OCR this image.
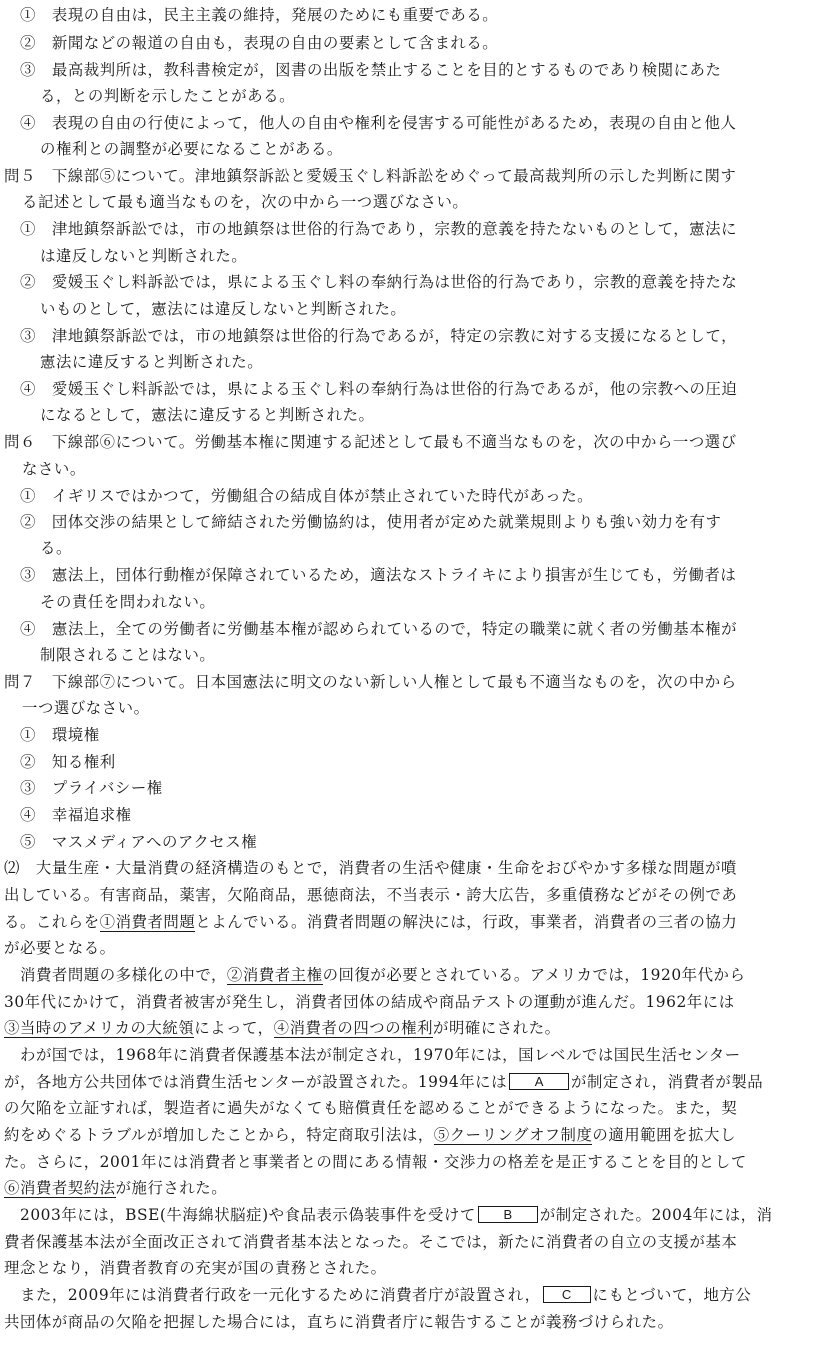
①　 表現の自由は，民主主義の維持，発展のためにも重要である。
②　 新聞などの報道の自由も，表現の自由の要素として含まれる。
③　 最高裁判所は，教科書検定が，図書の出版を禁止することを目的とするものであり検閲にあた
る，との判断を示したことがある。
④　 表現の自由の行使によって，他人の自由や権利を侵害する可能性があるため，表現の自由と他人
の権利との調整が必要になることがある。
問５　 下線部⑤について。津地鎮祭訴訟と愛媛玉ぐし料訴訟をめぐって最高裁判所の示した判断に関す
る記述として最も適当なものを，次の中から一つ選びなさい。
①　 津地鎮祭訴訟では，市の地鎮祭は世俗的行為であり，宗教的意義を持たないものとして，憲法に
は違反しないと判断された。
②　 愛媛玉ぐし料訴訟では，県による玉ぐし料の奉納行為は世俗的行為であり，宗教的意義を持たな
いものとして，憲法には違反しないと判断された。
③　 津地鎮祭訴訟では，市の地鎮祭は世俗的行為であるが，特定の宗教に対する支援になるとして，
憲法に違反すると判断された。
④　 愛媛玉ぐし料訴訟では，県による玉ぐし料の奉納行為は世俗的行為であるが，他の宗教への圧迫
になるとして，憲法に違反すると判断された。
問６　 下線部⑥について。労働基本権に関連する記述として最も不適当なものを，次の中から一つ選び
なさい。
①　 イギリスではかつて，労働組合の結成自体が禁止されていた時代があった。
②　 団体交渉の結果として締結された労働協約は，使用者が定めた就業規則よりも強い効力を有す
る。
③　 憲法上，団体行動権が保障されているため，適法なストライキにより損害が生じても，労働者は
その責任を問われない。
④　 憲法上，全ての労働者に労働基本権が認められているので，特定の職業に就く者の労働基本権が
制限されることはない。
問７　 下線部⑦について。日本国憲法に明文のない新しい人権として最も不適当なものを，次の中から
一つ選びなさい。
①　 環境権
②　 知る権利
③　 プライバシー権
④　 幸福追求権
⑤　 マスメディアへのアクセス権
⑵　 大量生産・大量消費の経済構造のもとで，消費者の生活や健康・生命をおびやかす多様な問題が噴
出している。有害商品，薬害，欠陥商品，悪徳商法，不当表示・誇大広告，多重債務などがその例であ
る。これらを①消費者問題とよんでいる。消費者問題の解決には，行政，事業者，消費者の三者の協力
が必要となる。
消費者問題の多様化の中で，②消費者主権の回復が必要とされている。アメリカでは，1920年代から
30年代にかけて，消費者被害が発生し，消費者団体の結成や商品テストの運動が進んだ。1962年には
③当時のアメリカの大統領によって，④消費者の四つの権利が明確にされた。
わが国では，1968年に消費者保護基本法が制定され，1970年には，国レベルでは国民生活センター
が，各地方公共団体では消費生活センターが設置された。1994年には A が制定され，消費者が製品
の欠陥を立証すれば，製造者に過失がなくても賠償責任を認めることができるようになった。また，契
約をめぐるトラブルが増加したことから，特定商取引法は，⑤クーリングオフ制度の適用範囲を拡大し
た。さらに，2001年には消費者と事業者との間にある情報・交渉力の格差を是正することを目的として
⑥消費者契約法が施行された。
2003年には，BSE(牛海綿状脳症)や食品表示偽装事件を受けて B が制定された。2004年には，消
費者保護基本法が全面改正されて消費者基本法となった。そこでは，新たに消費者の自立の支援が基本
理念となり，消費者教育の充実が国の責務とされた。
また，2009年には消費者行政を一元化するために消費者庁が設置され， C にもとづいて，地方公
共団体が商品の欠陥を把握した場合には，直ちに消費者庁に報告することが義務づけられた。
